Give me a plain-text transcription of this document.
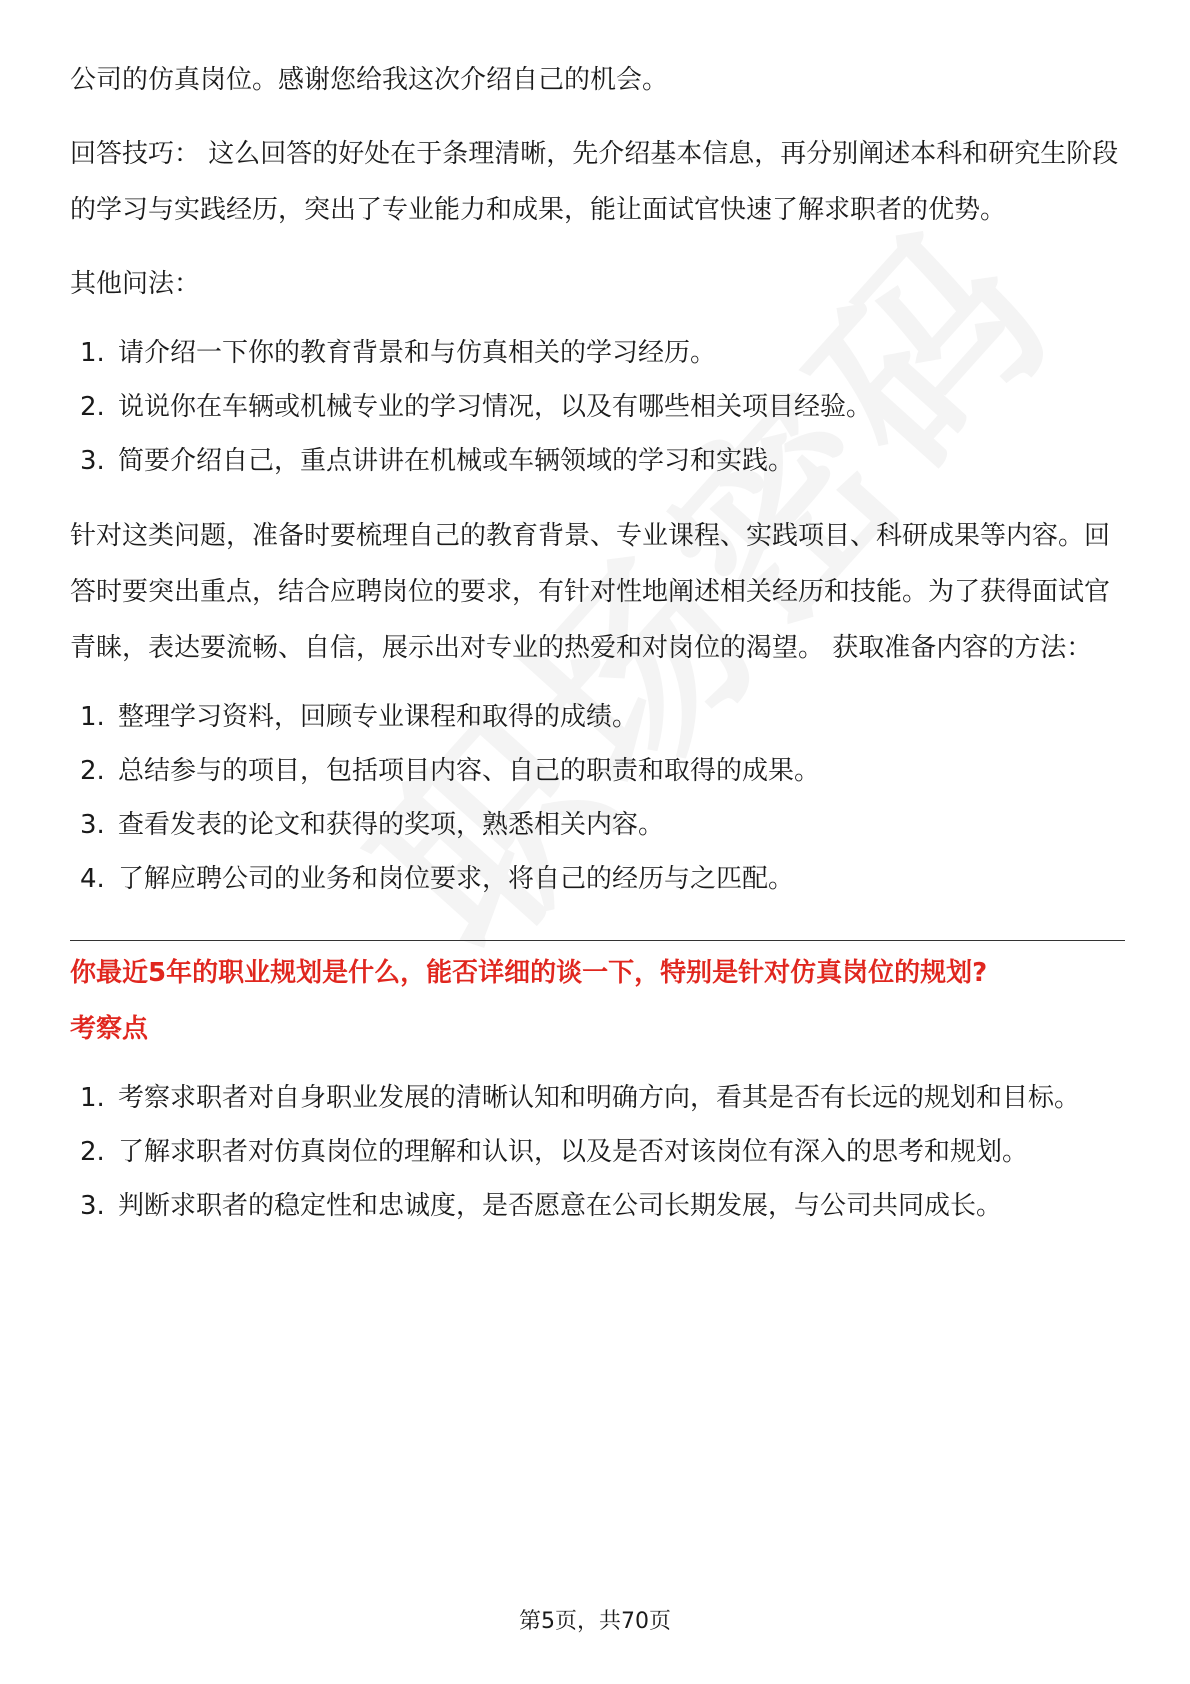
公司的仿真岗位。感谢您给我这次介绍自己的机会。

回答技巧： 这么回答的好处在于条理清晰，先介绍基本信息，再分别阐述本科和研究生阶段的学习与实践经历，突出了专业能力和成果，能让面试官快速了解求职者的优势。

其他问法：

1. 请介绍一下你的教育背景和与仿真相关的学习经历。
2. 说说你在车辆或机械专业的学习情况，以及有哪些相关项目经验。
3. 简要介绍自己，重点讲讲在机械或车辆领域的学习和实践。

针对这类问题，准备时要梳理自己的教育背景、专业课程、实践项目、科研成果等内容。回答时要突出重点，结合应聘岗位的要求，有针对性地阐述相关经历和技能。为了获得面试官青睐，表达要流畅、自信，展示出对专业的热爱和对岗位的渴望。 获取准备内容的方法：

1. 整理学习资料，回顾专业课程和取得的成绩。
2. 总结参与的项目，包括项目内容、自己的职责和取得的成果。
3. 查看发表的论文和获得的奖项，熟悉相关内容。
4. 了解应聘公司的业务和岗位要求，将自己的经历与之匹配。
你最近5年的职业规划是什么，能否详细的谈一下，特别是针对仿真岗位的规划?
考察点
1. 考察求职者对自身职业发展的清晰认知和明确方向，看其是否有长远的规划和目标。
2. 了解求职者对仿真岗位的理解和认识，以及是否对该岗位有深入的思考和规划。
3. 判断求职者的稳定性和忠诚度，是否愿意在公司长期发展，与公司共同成长。
第5页，共70页
